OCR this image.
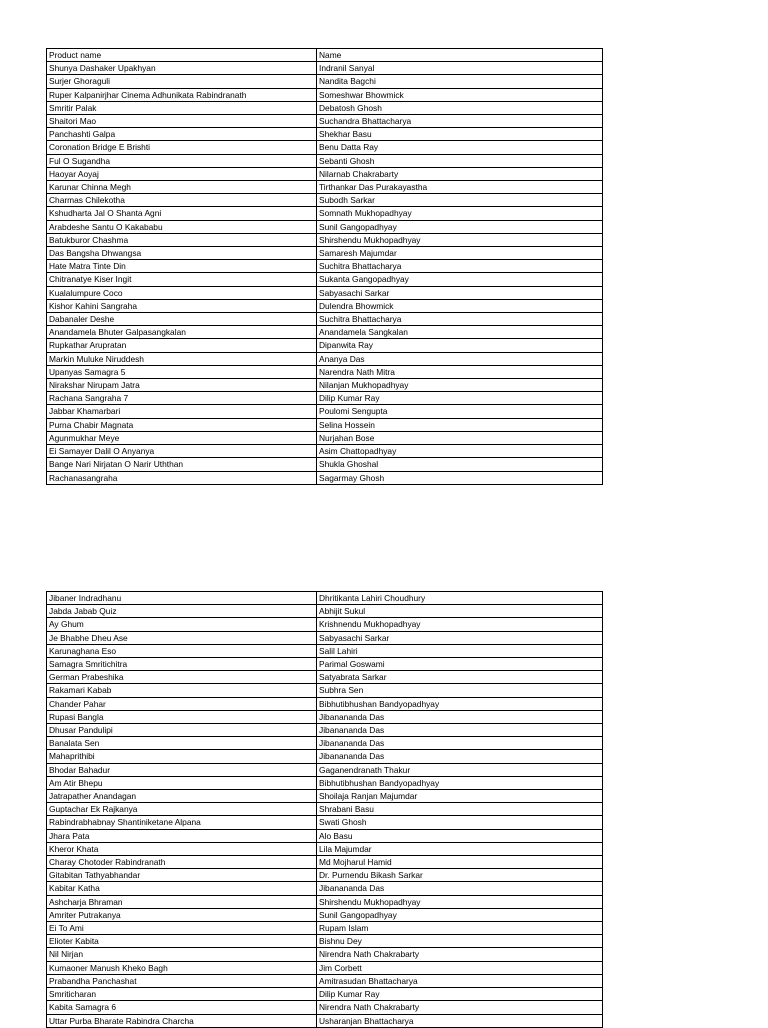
Product name	Name
Shunya Dashaker Upakhyan	Indranil Sanyal
Surjer Ghoraguli	Nandita Bagchi
Ruper Kalpanirjhar Cinema Adhunikata Rabindranath	Someshwar Bhowmick
Smritir Palak	Debatosh Ghosh
Shaitori Mao	Suchandra Bhattacharya
Panchashti Galpa	Shekhar Basu
Coronation Bridge E Brishti	Benu Datta Ray
Ful O Sugandha	Sebanti Ghosh
Haoyar Aoyaj	Nilarnab Chakrabarty
Karunar Chinna Megh	Tirthankar Das Purakayastha
Charmas Chilekotha	Subodh Sarkar
Kshudharta Jal O Shanta Agni	Somnath Mukhopadhyay
Arabdeshe Santu O Kakababu	Sunil Gangopadhyay
Batukburor Chashma	Shirshendu Mukhopadhyay
Das Bangsha Dhwangsa	Samaresh Majumdar
Hate Matra Tinte Din	Suchitra Bhattacharya
Chitranatye Kiser Ingit	Sukanta Gangopadhyay
Kualalumpure Coco	Sabyasachi Sarkar
Kishor Kahini Sangraha	Dulendra Bhowmick
Dabanaler Deshe	Suchitra Bhattacharya
Anandamela Bhuter Galpasangkalan	Anandamela Sangkalan
Rupkathar Arupratan	Dipanwita Ray
Markin Muluke Niruddesh	Ananya Das
Upanyas Samagra 5	Narendra Nath Mitra
Nirakshar Nirupam Jatra	Nilanjan Mukhopadhyay
Rachana Sangraha 7	Dilip Kumar Ray
Jabbar Khamarbari	Poulomi Sengupta
Purna Chabir Magnata	Selina Hossein
Agunmukhar Meye	Nurjahan Bose
Ei Samayer Dalil O Anyanya	Asim Chattopadhyay
Bange Nari Nirjatan O Narir Uththan	Shukla Ghoshal
Rachanasangraha	Sagarmay Ghosh
Jibaner Indradhanu	Dhritikanta Lahiri Choudhury
Jabda Jabab Quiz	Abhijit Sukul
Ay Ghum	Krishnendu Mukhopadhyay
Je Bhabhe Dheu Ase	Sabyasachi Sarkar
Karunaghana Eso	Salil Lahiri
Samagra Smritichitra	Parimal Goswami
German Prabeshika	Satyabrata Sarkar
Rakamari Kabab	Subhra Sen
Chander Pahar	Bibhutibhushan Bandyopadhyay
Rupasi Bangla	Jibanananda Das
Dhusar Pandulipi	Jibanananda Das
Banalata Sen	Jibanananda Das
Mahaprithibi	Jibanananda Das
Bhodar Bahadur	Gaganendranath Thakur
Am Atir Bhepu	Bibhutibhushan Bandyopadhyay
Jatrapather Anandagan	Shoilaja Ranjan Majumdar
Guptachar Ek Rajkanya	Shrabani Basu
Rabindrabhabnay Shantiniketane Alpana	Swati Ghosh
Jhara Pata	Alo Basu
Kheror Khata	Lila Majumdar
Charay Chotoder Rabindranath	Md Mojharul Hamid
Gitabitan Tathyabhandar	Dr. Purnendu Bikash Sarkar
Kabitar Katha	Jibanananda Das
Ashcharja Bhraman	Shirshendu Mukhopadhyay
Amriter Putrakanya	Sunil Gangopadhyay
Ei To Ami	Rupam Islam
Elioter Kabita	Bishnu Dey
Nil Nirjan	Nirendra Nath Chakrabarty
Kumaoner Manush Kheko Bagh	Jim Corbett
Prabandha Panchashat	Amitrasudan Bhattacharya
Smriticharan	Dilip Kumar Ray
Kabita Samagra 6	Nirendra Nath Chakrabarty
Uttar Purba Bharate Rabindra Charcha	Usharanjan Bhattacharya
